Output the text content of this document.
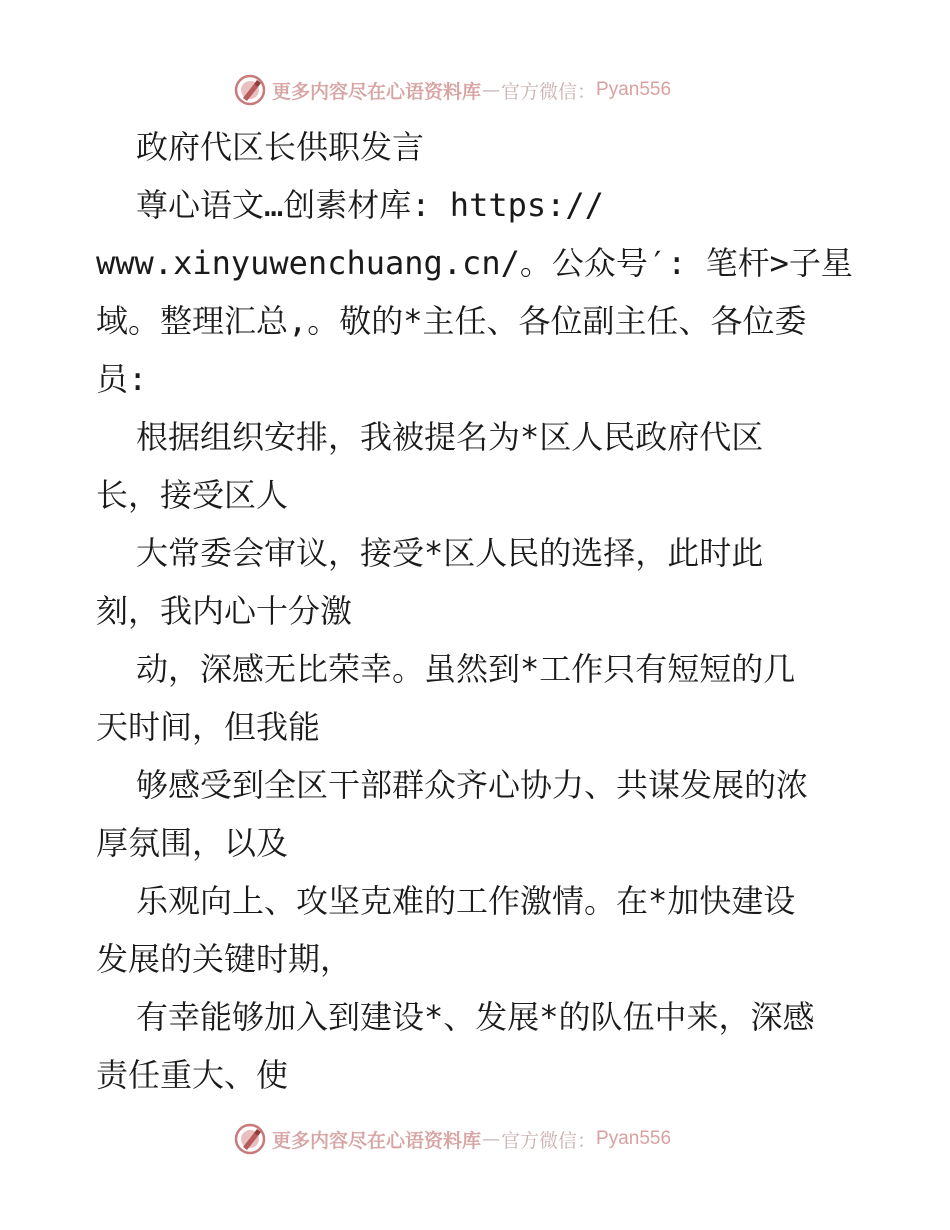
更多内容尽在心语资料库 — 官方微信： Pyan556

政府代区长供职发言

尊心语文…创素材库: https://

www.xinyuwenchuang.cn/。公众号′: 笔杆>子星

域。整理汇总,。敬的*主任、各位副主任、各位委

员:

根据组织安排，我被提名为*区人民政府代区

长，接受区人

大常委会审议，接受*区人民的选择，此时此

刻，我内心十分激

动，深感无比荣幸。虽然到*工作只有短短的几

天时间，但我能

够感受到全区干部群众齐心协力、共谋发展的浓

厚氛围，以及

乐观向上、攻坚克难的工作激情。在*加快建设

发展的关键时期，

有幸能够加入到建设*、发展*的队伍中来，深感

责任重大、使

更多内容尽在心语资料库 — 官方微信： Pyan556
